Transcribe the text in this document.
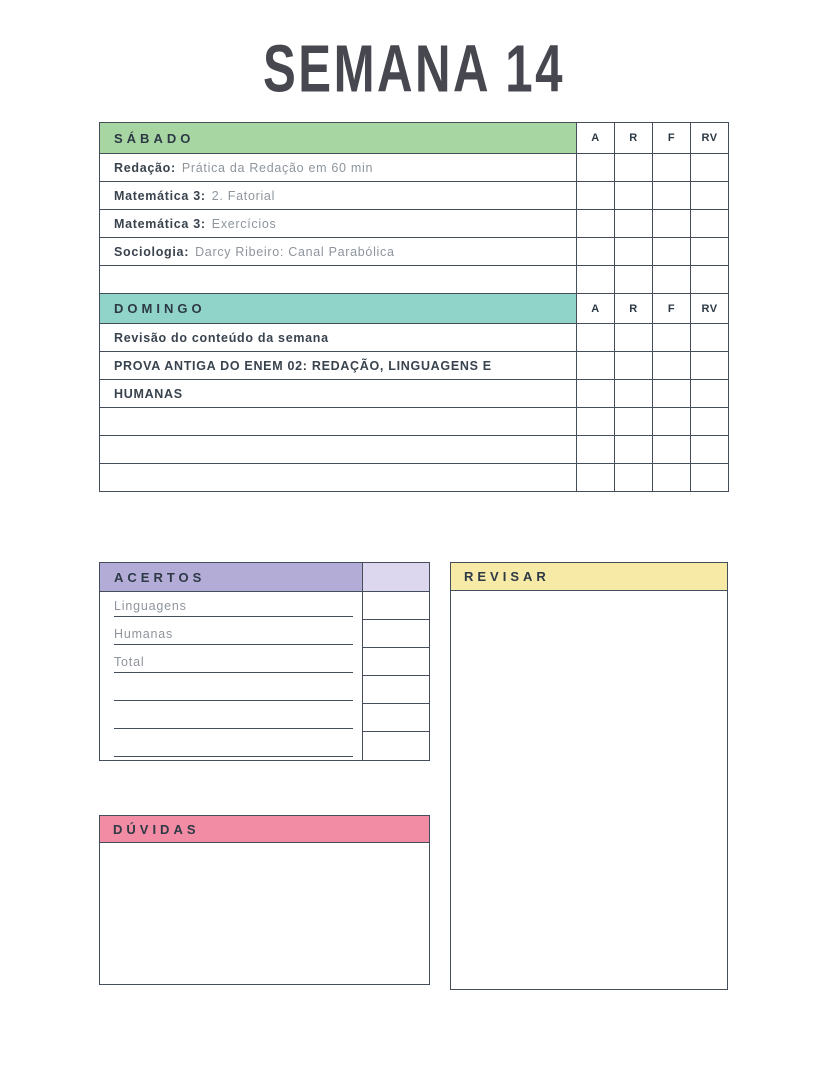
SEMANA 14
SÁBADO	A	R	F	RV
Redação: Prática da Redação em 60 min
Matemática 3: 2. Fatorial
Matemática 3: Exercícios
Sociologia: Darcy Ribeiro: Canal Parabólica
DOMINGO	A	R	F	RV
Revisão do conteúdo da semana
PROVA ANTIGA DO ENEM 02: REDAÇÃO, LINGUAGENS E
HUMANAS
ACERTOS
Linguagens
Humanas
Total
REVISAR
DÚVIDAS
